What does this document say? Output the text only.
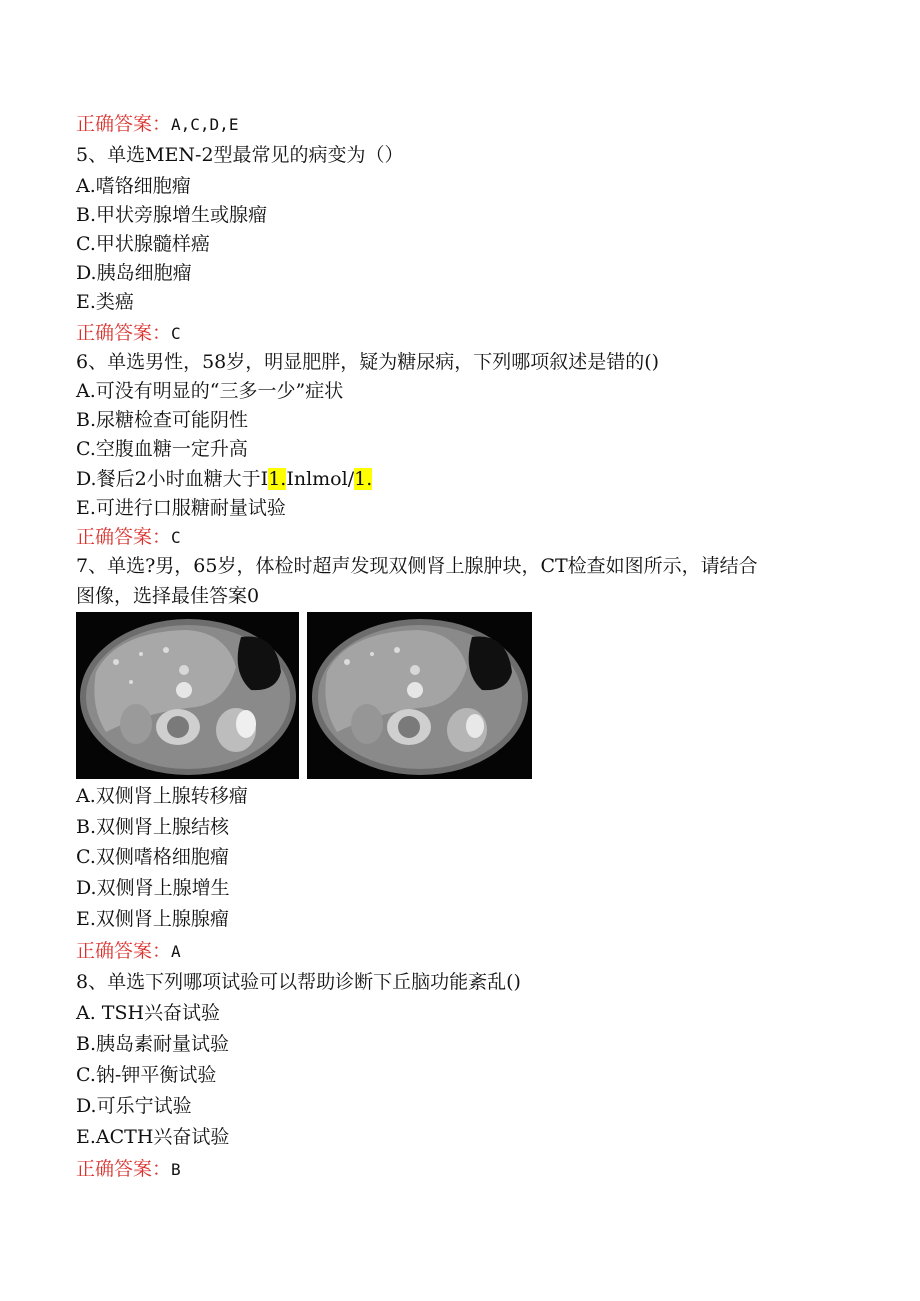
正确答案：A,C,D,E
5、单选MEN-2型最常见的病变为（）
A.嗜铬细胞瘤
B.甲状旁腺增生或腺瘤
C.甲状腺髓样癌
D.胰岛细胞瘤
E.类癌
正确答案：C
6、单选男性，58岁，明显肥胖，疑为糖尿病，下列哪项叙述是错的()
A.可没有明显的“三多一少”症状
B.尿糖检查可能阴性
C.空腹血糖一定升高
D.餐后2小时血糖大于I1.Inlmol/1.
E.可进行口服糖耐量试验
正确答案：C
7、单选?男，65岁，体检时超声发现双侧肾上腺肿块，CT检查如图所示，请结合
图像，选择最佳答案0
A.双侧肾上腺转移瘤
B.双侧肾上腺结核
C.双侧嗜格细胞瘤
D.双侧肾上腺增生
E.双侧肾上腺腺瘤
正确答案：A
8、单选下列哪项试验可以帮助诊断下丘脑功能紊乱()
A. TSH兴奋试验
B.胰岛素耐量试验
C.钠-钾平衡试验
D.可乐宁试验
E.ACTH兴奋试验
正确答案：B
